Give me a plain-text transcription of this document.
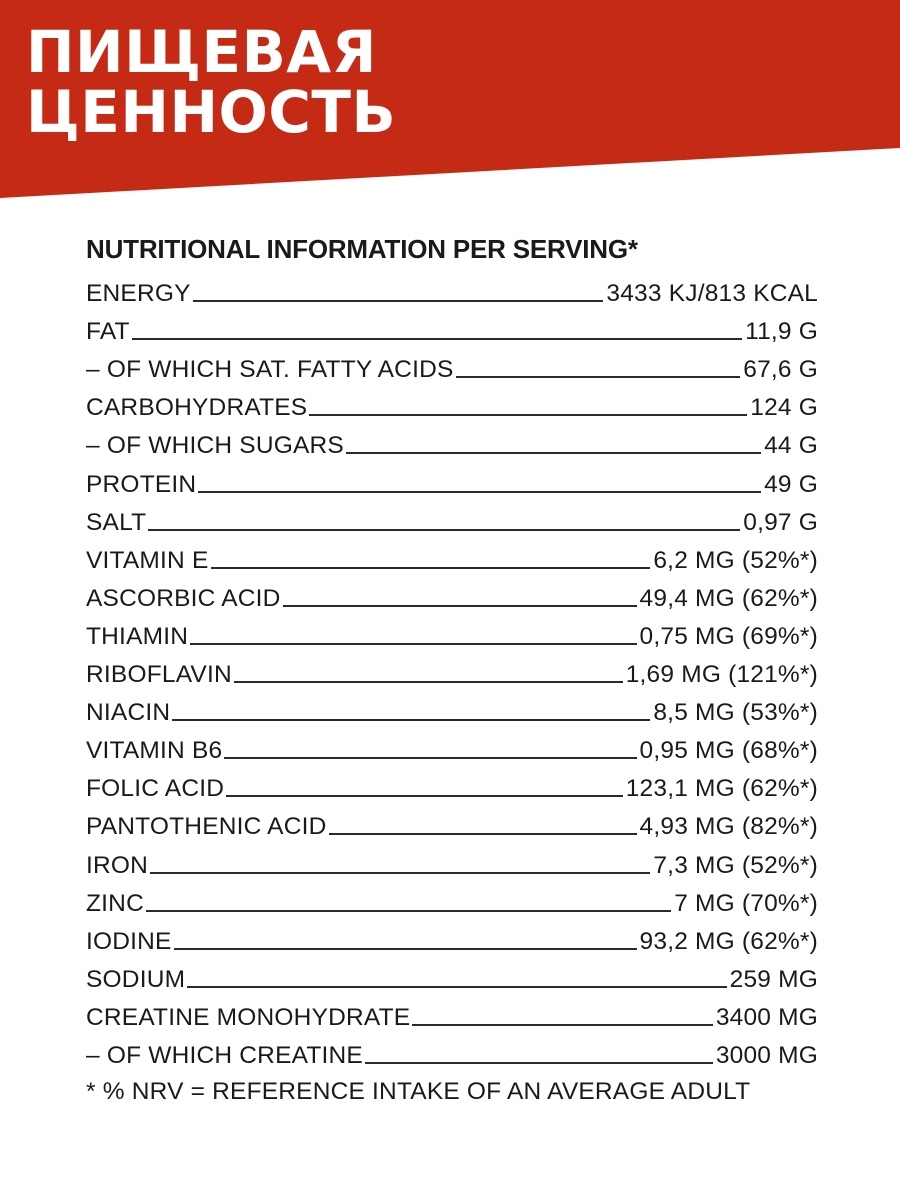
ПИЩЕВАЯ
ЦЕННОСТЬ
NUTRITIONAL INFORMATION PER SERVING*
ENERGY	3433 KJ/813 KCAL
FAT	11,9 G
– OF WHICH SAT. FATTY ACIDS	67,6 G
CARBOHYDRATES	124 G
– OF WHICH SUGARS	44 G
PROTEIN	49 G
SALT	0,97 G
VITAMIN E	6,2 MG (52%*)
ASCORBIC ACID	49,4 MG (62%*)
THIAMIN	0,75 MG (69%*)
RIBOFLAVIN	1,69 MG (121%*)
NIACIN	8,5 MG (53%*)
VITAMIN B6	0,95 MG (68%*)
FOLIC ACID	123,1 MG (62%*)
PANTOTHENIC ACID	4,93 MG (82%*)
IRON	7,3 MG (52%*)
ZINC	7 MG (70%*)
IODINE	93,2 MG (62%*)
SODIUM	259 MG
CREATINE MONOHYDRATE	3400 MG
– OF WHICH CREATINE	3000 MG
* % NRV = REFERENCE INTAKE OF AN AVERAGE ADULT
